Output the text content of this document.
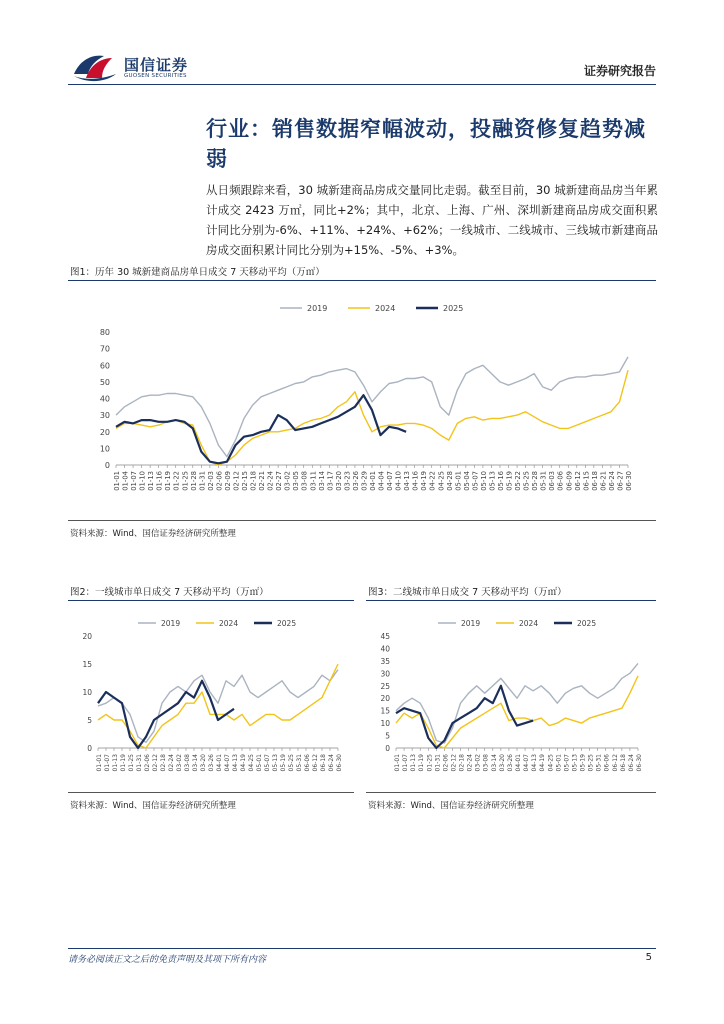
国信证券
GUOSEN SECURITIES	证券研究报告
行业：销售数据窄幅波动，投融资修复趋势减弱
从日频跟踪来看，30 城新建商品房成交量同比走弱。截至目前，30 城新建商品房当年累计成交 2423 万㎡，同比+2%；其中，北京、上海、广州、深圳新建商品房成交面积累计同比分别为-6%、+11%、+24%、+62%；一线城市、二线城市、三线城市新建商品房成交面积累计同比分别为+15%、-5%、+3%。
图1：历年 30 城新建商品房单日成交 7 天移动平均（万㎡）
2019	2024	2025
0
10
20
30
40
50
60
70
80
01-01 01-04 01-07 01-10 01-13 01-16 01-19 01-22 01-25 01-28 01-31 02-03 02-06 02-09 02-12 02-15 02-18 02-21 02-24 02-27 03-02 03-05 03-08 03-11 03-14 03-17 03-20 03-23 03-26 03-29 04-01 04-04 04-07 04-10 04-13 04-16 04-19 04-22 04-25 04-28 05-01 05-04 05-07 05-10 05-13 05-16 05-19 05-22 05-25 05-28 05-31 06-03 06-06 06-09 06-12 06-15 06-18 06-21 06-24 06-27 06-30
资料来源：Wind、国信证券经济研究所整理
图2：一线城市单日成交 7 天移动平均（万㎡）
2019	2024	2025
0
5
10
15
20
01-01 01-07 01-13 01-19 01-25 01-31 02-06 02-12 02-18 02-24 03-02 03-08 03-14 03-20 03-26 04-01 04-07 04-13 04-19 04-25 05-01 05-07 05-13 05-19 05-25 05-31 06-06 06-12 06-18 06-24 06-30
资料来源：Wind、国信证券经济研究所整理
图3：二线城市单日成交 7 天移动平均（万㎡）
2019	2024	2025
0
5
10
15
20
25
30
35
40
45
01-01 01-07 01-13 01-19 01-25 01-31 02-06 02-12 02-18 02-24 03-02 03-08 03-14 03-20 03-26 04-01 04-07 04-13 04-19 04-25 05-01 05-07 05-13 05-19 05-25 05-31 06-06 06-12 06-18 06-24 06-30
资料来源：Wind、国信证券经济研究所整理
请务必阅读正文之后的免责声明及其项下所有内容	5
